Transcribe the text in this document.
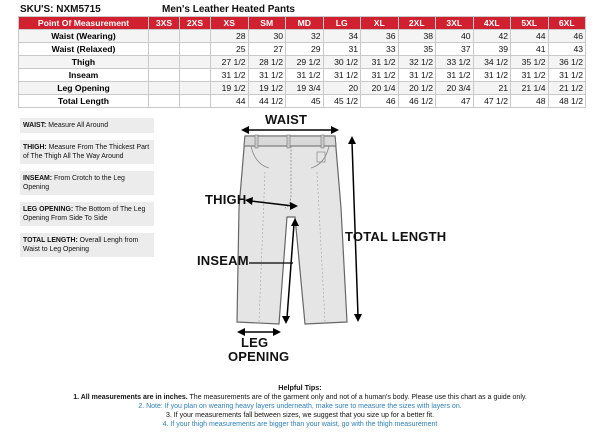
SKU'S: NXM5715	Men's Leather Heated Pants
Point Of Measurement	3XS	2XS	XS	SM	MD	LG	XL	2XL	3XL	4XL	5XL	6XL
Waist (Wearing)			28	30	32	34	36	38	40	42	44	46
Waist (Relaxed)			25	27	29	31	33	35	37	39	41	43
Thigh			27 1/2	28 1/2	29 1/2	30 1/2	31 1/2	32 1/2	33 1/2	34 1/2	35 1/2	36 1/2
Inseam			31 1/2	31 1/2	31 1/2	31 1/2	31 1/2	31 1/2	31 1/2	31 1/2	31 1/2	31 1/2
Leg Opening			19 1/2	19 1/2	19 3/4	20	20 1/4	20 1/2	20 3/4	21	21 1/4	21 1/2
Total Length			44	44 1/2	45	45 1/2	46	46 1/2	47	47 1/2	48	48 1/2
WAIST: Measure All Around
THIGH: Measure From The Thickest Part of The Thigh All The Way Around
INSEAM: From Crotch to the Leg Opening
LEG OPENING: The Bottom of The Leg Opening From Side To Side
TOTAL LENGTH: Overall Lengh from Waist to Leg Opening
WAIST
THIGH
INSEAM
TOTAL LENGTH
LEG
OPENING
Helpful Tips:
1. All measurements are in inches. The measurements are of the garment only and not of a human's body. Please use this chart as a guide only.
2. Note: If you plan on wearing heavy layers underneath, make sure to measure the sizes with layers on.
3. If your measurements fall between sizes, we suggest that you size up for a better fit.
4. If your thigh measurements are bigger than your waist, go with the thigh measurement
